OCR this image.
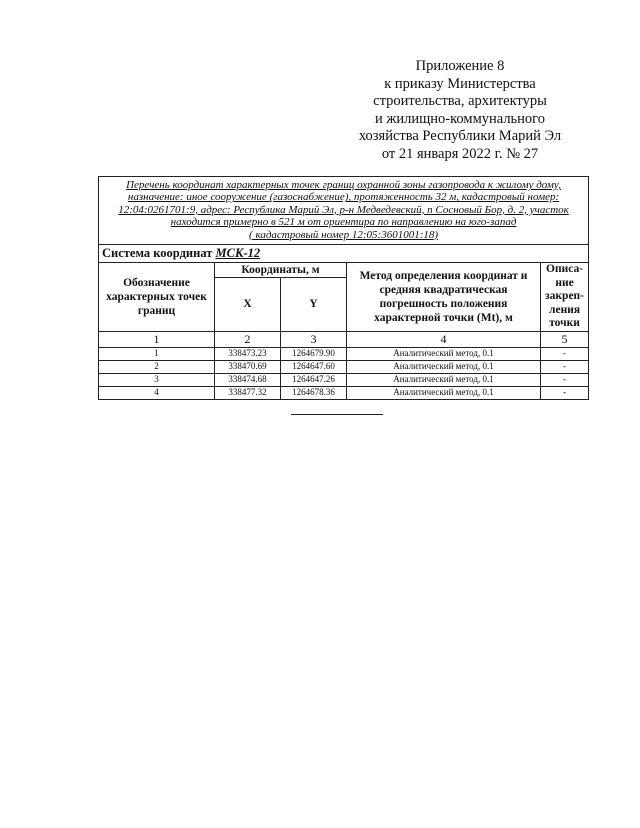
Приложение 8
к приказу Министерства
строительства, архитектуры
и жилищно-коммунального
хозяйства Республики Марий Эл
от 21 января 2022 г. № 27
Перечень координат характерных точек границ охранной зоны газопровода к жилому дому,
назначение: иное сооружение (газоснабжение), протяженность 32 м, кадастровый номер:
12:04:0261701:9, адрес: Республика Марий Эл, р-н Медведевский, п Сосновый Бор, д. 2, участок
находится примерно в 521 м от ориентира по направлению на юго-запад
( кадастровый номер 12:05:3601001:18)				

Система координат МСК-12				
Обозначение характерных точек границ	Координаты, м		Метод определения координат и средняя квадратическая погрешность положения характерной точки (Mt), м	Описа-
ние
закреп-
ления
точки

	X	Y		
1	2	3	4	5
1	338473.23	1264679.90	Аналитический метод, 0.1	-
2	338470.69	1264647.60	Аналитический метод, 0.1	-
3	338474.68	1264647.26	Аналитический метод, 0.1	-
4	338477.32	1264678.36	Аналитический метод, 0.1	-
